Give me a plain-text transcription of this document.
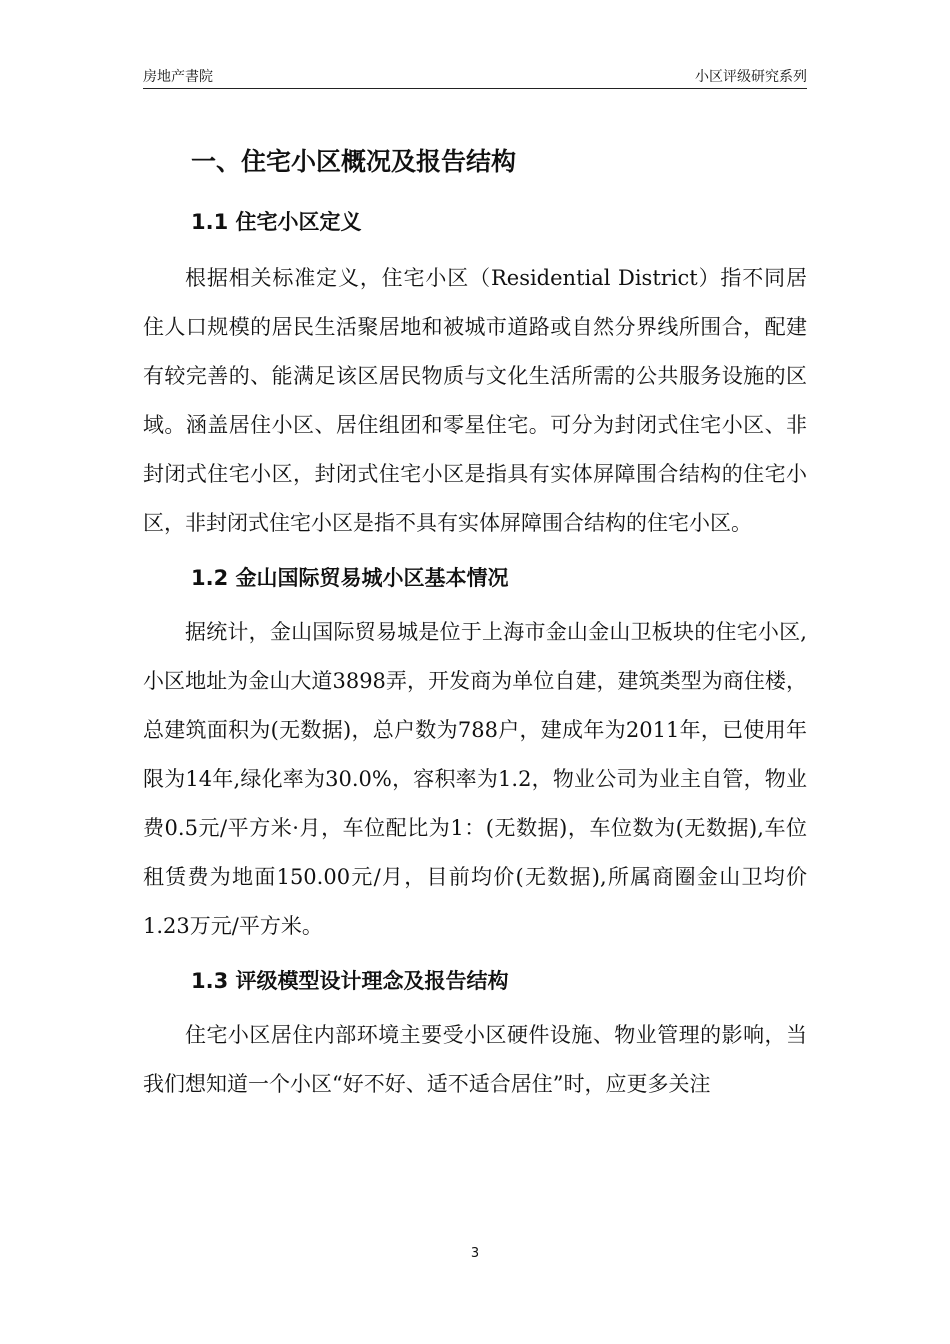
房地产書院	小区评级研究系列
一、住宅小区概况及报告结构
1.1 住宅小区定义

根据相关标准定义，住宅小区（Residential District）指不同居住人口规模的居民生活聚居地和被城市道路或自然分界线所围合，配建有较完善的、能满足该区居民物质与文化生活所需的公共服务设施的区域。涵盖居住小区、居住组团和零星住宅。可分为封闭式住宅小区、非封闭式住宅小区，封闭式住宅小区是指具有实体屏障围合结构的住宅小区，非封闭式住宅小区是指不具有实体屏障围合结构的住宅小区。

1.2 金山国际贸易城小区基本情况

据统计，金山国际贸易城是位于上海市金山金山卫板块的住宅小区,小区地址为金山大道3898弄，开发商为单位自建，建筑类型为商住楼，总建筑面积为(无数据)，总户数为788户，建成年为2011年，已使用年限为14年,绿化率为30.0%，容积率为1.2，物业公司为业主自管，物业费0.5元/平方米·月，车位配比为1：(无数据)，车位数为(无数据),车位租赁费为地面150.00元/月，目前均价(无数据),所属商圈金山卫均价1.23万元/平方米。

1.3 评级模型设计理念及报告结构

住宅小区居住内部环境主要受小区硬件设施、物业管理的影响，当我们想知道一个小区“好不好、适不适合居住”时，应更多关注

3
